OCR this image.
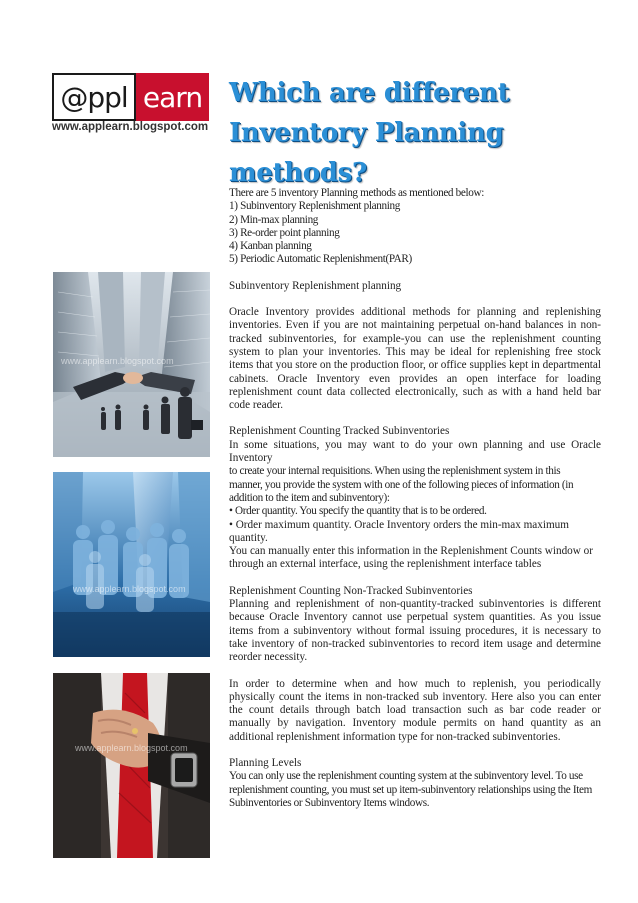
@ppl earn
www.applearn.blogspot.com
Which are different
Inventory Planning methods?
www.applearn.blogspot.com
www.applearn.blogspot.com
www.applearn.blogspot.com

There are 5 inventory Planning methods as mentioned below:
1) Subinventory Replenishment planning
2) Min-max planning
3) Re-order point planning
4) Kanban planning
5) Periodic Automatic Replenishment(PAR)

Subinventory Replenishment planning

Oracle Inventory provides additional methods for planning and replenishing inventories. Even if you are not maintaining perpetual on-hand balances in non-tracked subinventories, for example-you can use the replenishment counting system to plan your inventories. This may be ideal for replenishing free stock items that you store on the production floor, or office supplies kept in departmental cabinets. Oracle Inventory even provides an open interface for loading replenishment count data collected electronically, such as with a hand held bar code reader.

Replenishment Counting Tracked Subinventories
In some situations, you may want to do your own planning and use Oracle Inventory
to create your internal requisitions. When using the replenishment system in this
manner, you provide the system with one of the following pieces of information (in
addition to the item and subinventory):
• Order quantity. You specify the quantity that is to be ordered.
• Order maximum quantity. Oracle Inventory orders the min-max maximum quantity.
You can manually enter this information in the Replenishment Counts window or through an external interface, using the replenishment interface tables

Replenishment Counting Non-Tracked Subinventories
Planning and replenishment of non-quantity-tracked subinventories is different because Oracle Inventory cannot use perpetual system quantities. As you issue items from a subinventory without formal issuing procedures, it is necessary to take inventory of non-tracked subinventories to record item usage and determine reorder necessity.

In order to determine when and how much to replenish, you periodically physically count the items in non-tracked sub inventory. Here also you can enter the count details through batch load transaction such as bar code reader or manually by navigation. Inventory module permits on hand quantity as an additional replenishment information type for non-tracked subinventories.

Planning Levels
You can only use the replenishment counting system at the subinventory level. To use
replenishment counting, you must set up item-subinventory relationships using the Item Subinventories or Subinventory Items windows.
